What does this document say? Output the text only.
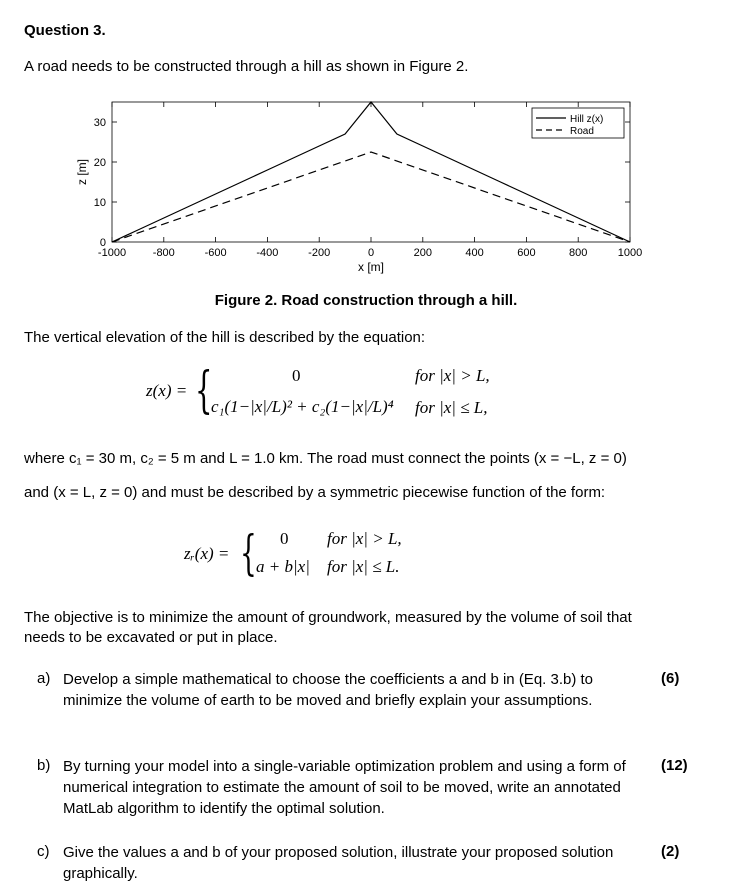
Question 3.
A road needs to be constructed through a hill as shown in Figure 2.
-1000 -800	-600	-400	-200	0	200	400	600	800	1000
0
10
20
30
x [m]
z [m]
Hill z(x)
Road
Figure 2. Road construction through a hill.
The vertical elevation of the hill is described by the equation:
z(x) = {	0	for |x| > L,
c₁(1−|x|/L)² + c₂(1−|x|/L)⁴ for |x| ≤ L,
where c₁ = 30 m, c₂ = 5 m and L = 1.0 km. The road must connect the points (x = −L, z = 0)
and (x = L, z = 0) and must be described by a symmetric piecewise function of the form:
zᵣ(x) = { 0 for |x| > L,
a + b|x| for |x| ≤ L.
The objective is to minimize the amount of groundwork, measured by the volume of soil that
needs to be excavated or put in place.
a) Develop a simple mathematical to choose the coefficients a and b in (Eq. 3.b) to minimize the volume of earth to be moved and briefly explain your assumptions.
(6)
b) By turning your model into a single-variable optimization problem and using a form of numerical integration to estimate the amount of soil to be moved, write an annotated MatLab algorithm to identify the optimal solution.
(12)
c) Give the values a and b of your proposed solution, illustrate your proposed solution graphically.
(2)
